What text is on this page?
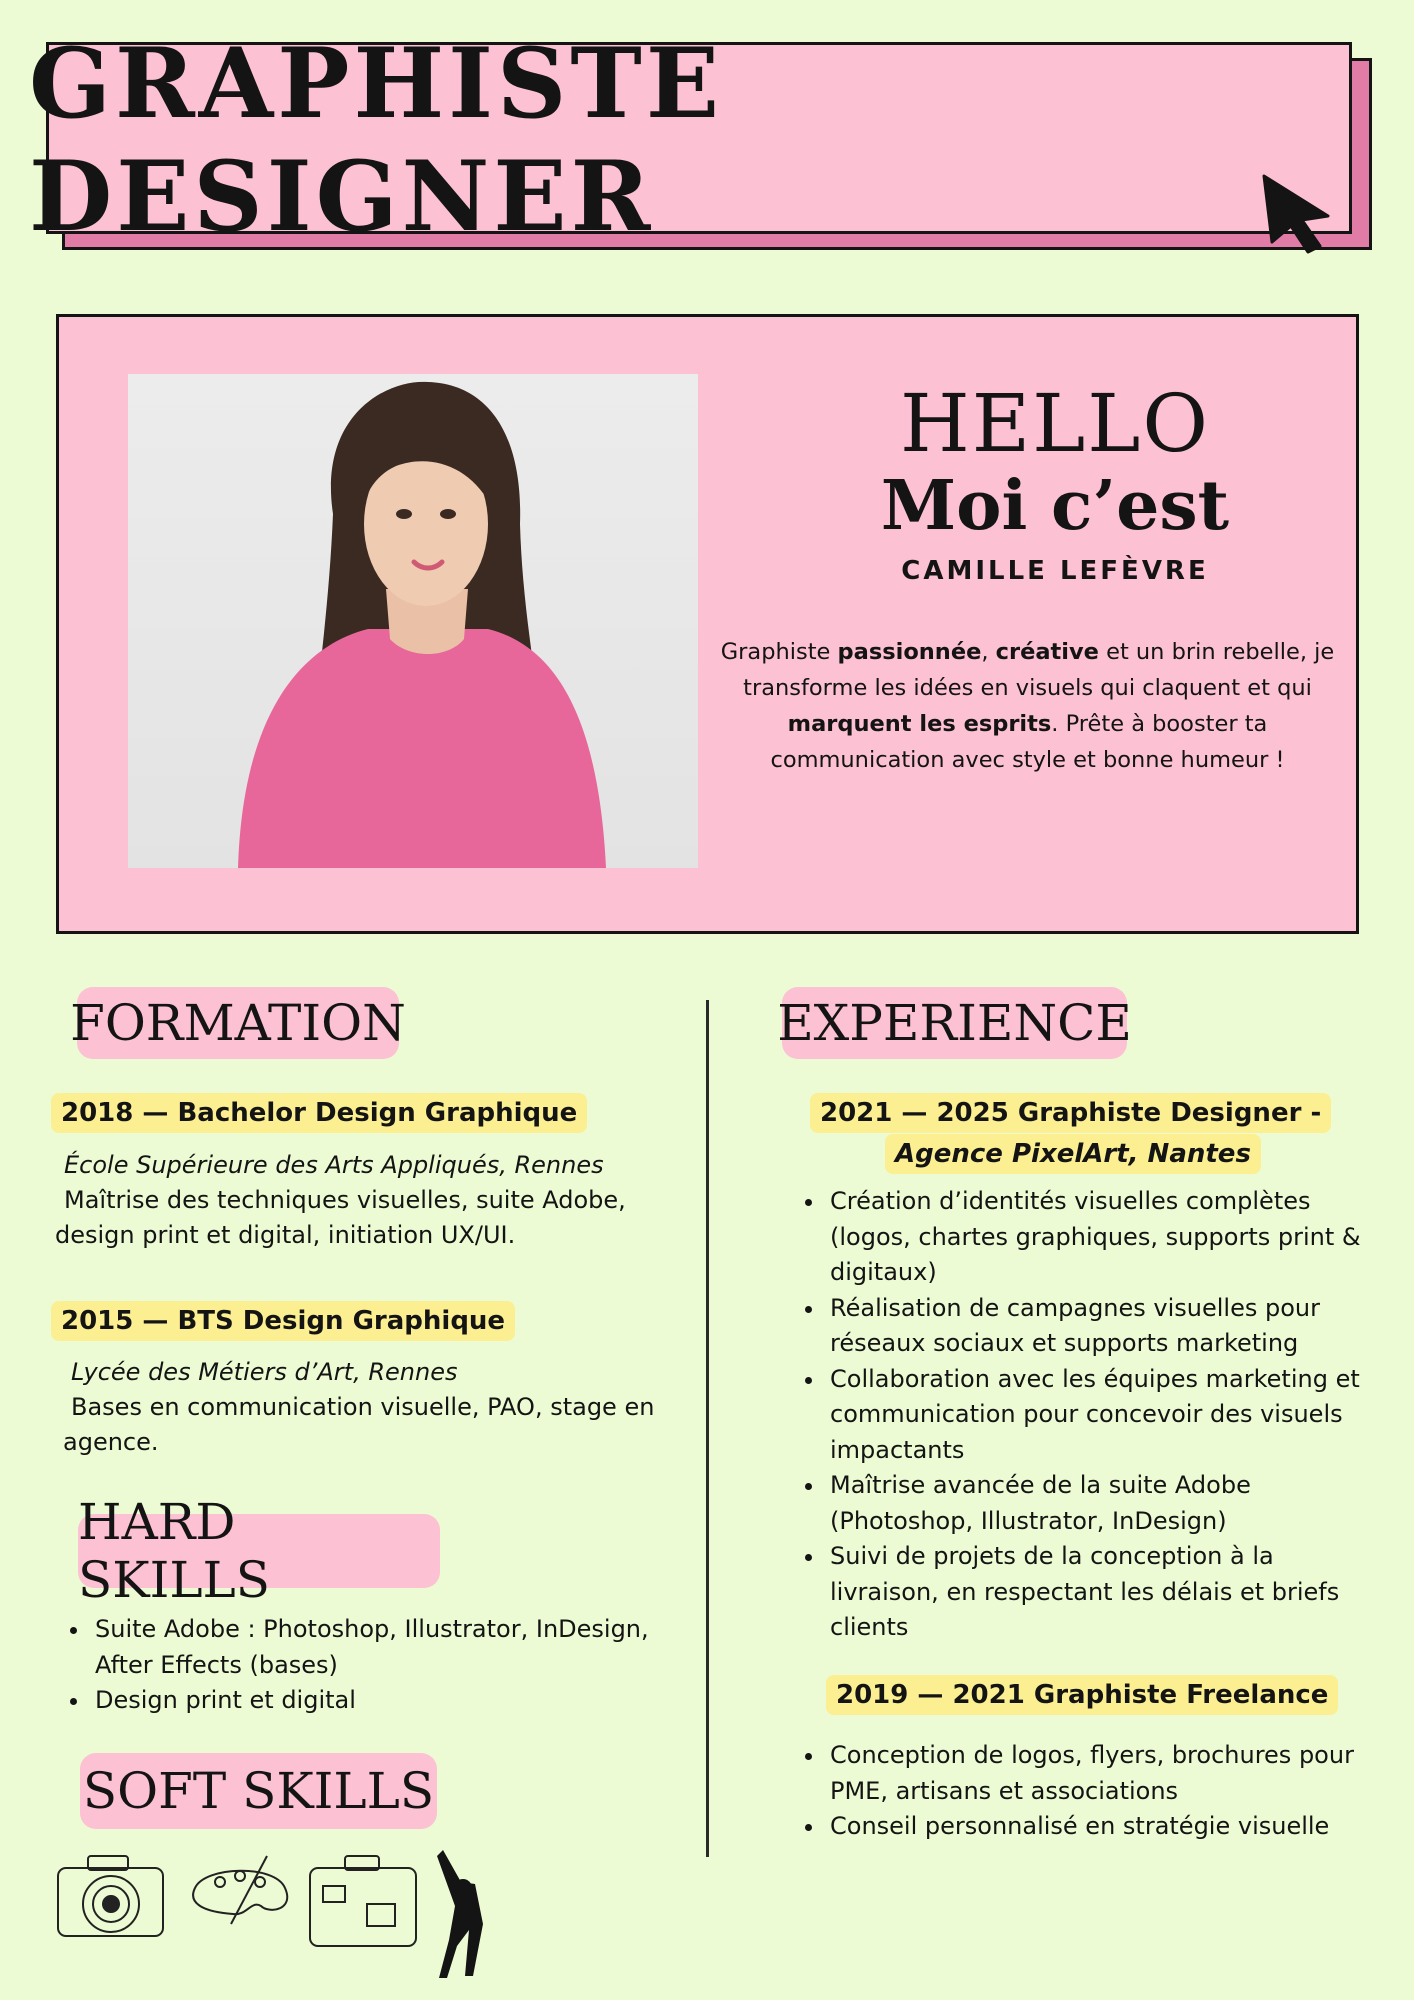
GRAPHISTE DESIGNER
HELLO
Moi c’est
CAMILLE LEFÈVRE
Graphiste passionnée, créative et un brin rebelle, je transforme les idées en visuels qui claquent et qui marquent les esprits. Prête à booster ta communication avec style et bonne humeur !
FORMATION
2018 — Bachelor Design Graphique
École Supérieure des Arts Appliqués, Rennes
Maîtrise des techniques visuelles, suite Adobe, design print et digital, initiation UX/UI.
2015 — BTS Design Graphique
Lycée des Métiers d’Art, Rennes
Bases en communication visuelle, PAO, stage en agence.
HARD SKILLS
• Suite Adobe : Photoshop, Illustrator, InDesign, After Effects (bases)
• Design print et digital
SOFT SKILLS
EXPERIENCE
2021 — 2025 Graphiste Designer -
Agence PixelArt, Nantes
• Création d’identités visuelles complètes (logos, chartes graphiques, supports print & digitaux)
• Réalisation de campagnes visuelles pour réseaux sociaux et supports marketing
• Collaboration avec les équipes marketing et communication pour concevoir des visuels impactants
• Maîtrise avancée de la suite Adobe (Photoshop, Illustrator, InDesign)
• Suivi de projets de la conception à la livraison, en respectant les délais et briefs clients
2019 — 2021 Graphiste Freelance
• Conception de logos, flyers, brochures pour PME, artisans et associations
• Conseil personnalisé en stratégie visuelle
